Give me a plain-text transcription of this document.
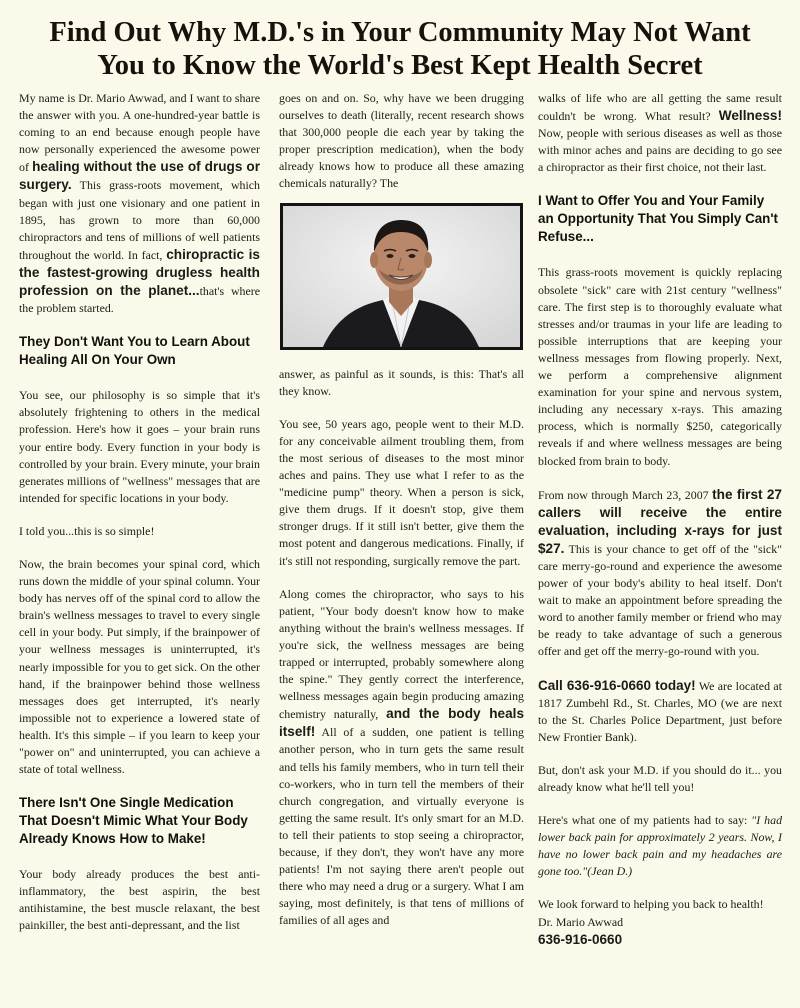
Find Out Why M.D.'s in Your Community May Not Want
You to Know the World's Best Kept Health Secret

My name is Dr. Mario Awwad, and I want to share the answer with you. A one-hundred-year battle is coming to an end because enough people have now personally experienced the awesome power of healing without the use of drugs or surgery. This grass-roots movement, which began with just one visionary and one patient in 1895, has grown to more than 60,000 chiropractors and tens of millions of well patients throughout the world. In fact, chiropractic is the fastest-growing drugless health profession on the planet...that's where the problem started.

They Don't Want You to Learn About Healing All On Your Own

You see, our philosophy is so simple that it's absolutely frightening to others in the medical profession. Here's how it goes – your brain runs your entire body. Every function in your body is controlled by your brain. Every minute, your brain generates millions of "wellness" messages that are intended for specific locations in your body.

I told you...this is so simple!

Now, the brain becomes your spinal cord, which runs down the middle of your spinal column. Your body has nerves off of the spinal cord to allow the brain's wellness messages to travel to every single cell in your body. Put simply, if the brainpower of your wellness messages is uninterrupted, it's nearly impossible for you to get sick. On the other hand, if the brainpower behind those wellness messages does get interrupted, it's nearly impossible not to experience a lowered state of health. It's this simple – if you learn to keep your "power on" and uninterrupted, you can achieve a state of total wellness.

There Isn't One Single Medication That Doesn't Mimic What Your Body Already Knows How to Make!

Your body already produces the best anti-inflammatory, the best aspirin, the best antihistamine, the best muscle relaxant, the best painkiller, the best anti-depressant, and the list

goes on and on. So, why have we been drugging ourselves to death (literally, recent research shows that 300,000 people die each year by taking the proper prescription medication), when the body already knows how to produce all these amazing chemicals naturally? The

answer, as painful as it sounds, is this: That's all they know.

You see, 50 years ago, people went to their M.D. for any conceivable ailment troubling them, from the most serious of diseases to the most minor aches and pains. They use what I refer to as the "medicine pump" theory. When a person is sick, give them drugs. If it doesn't stop, give them stronger drugs. If it still isn't better, give them the most potent and dangerous medications. Finally, if it's still not responding, surgically remove the part.

Along comes the chiropractor, who says to his patient, "Your body doesn't know how to make anything without the brain's wellness messages. If you're sick, the wellness messages are being trapped or interrupted, probably somewhere along the spine." They gently correct the interference, wellness messages again begin producing amazing chemistry naturally, and the body heals itself! All of a sudden, one patient is telling another person, who in turn gets the same result and tells his family members, who in turn tell their co-workers, who in turn tell the members of their church congregation, and virtually everyone is getting the same result. It's only smart for an M.D. to tell their patients to stop seeing a chiropractor, because, if they don't, they won't have any more patients! I'm not saying there aren't people out there who may need a drug or a surgery. What I am saying, most definitely, is that tens of millions of families of all ages and

walks of life who are all getting the same result couldn't be wrong. What result? Wellness! Now, people with serious diseases as well as those with minor aches and pains are deciding to go see a chiropractor as their first choice, not their last.

I Want to Offer You and Your Family an Opportunity That You Simply Can't Refuse...

This grass-roots movement is quickly replacing obsolete "sick" care with 21st century "wellness" care. The first step is to thoroughly evaluate what stresses and/or traumas in your life are leading to possible interruptions that are keeping your wellness messages from flowing properly. Next, we perform a comprehensive alignment examination for your spine and nervous system, including any necessary x-rays. This amazing process, which is normally $250, categorically reveals if and where wellness messages are being blocked from brain to body.

From now through March 23, 2007 the first 27 callers will receive the entire evaluation, including x-rays for just $27. This is your chance to get off of the "sick" care merry-go-round and experience the awesome power of your body's ability to heal itself. Don't wait to make an appointment before spreading the word to another family member or friend who may be ready to take advantage of such a generous offer and get off the merry-go-round with you.

Call 636-916-0660 today! We are located at 1817 Zumbehl Rd., St. Charles, MO (we are next to the St. Charles Police Department, just before New Frontier Bank).

But, don't ask your M.D. if you should do it... you already know what he'll tell you!

Here's what one of my patients had to say: "I had lower back pain for approximately 2 years. Now, I have no lower back pain and my headaches are gone too."(Jean D.)

We look forward to helping you back to health!

Dr. Mario Awwad

636-916-0660
